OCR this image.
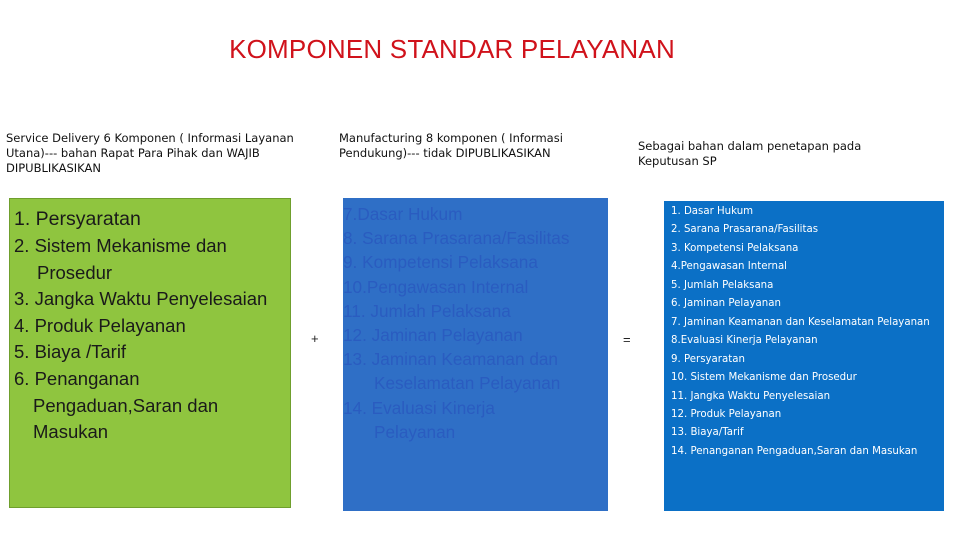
KOMPONEN STANDAR PELAYANAN
Service Delivery 6 Komponen ( Informasi Layanan Utana)--- bahan Rapat Para Pihak dan WAJIB DIPUBLIKASIKAN
Manufacturing 8 komponen ( Informasi Pendukung)--- tidak DIPUBLIKASIKAN	Sebagai bahan dalam penetapan pada Keputusan SP
1. Persyaratan
2. Sistem Mekanisme dan
Prosedur
3. Jangka Waktu Penyelesaian
4. Produk Pelayanan
5. Biaya /Tarif
6. Penanganan
Pengaduan,Saran dan
Masukan
+
7.Dasar Hukum
8. Sarana Prasarana/Fasilitas
9. Kompetensi Pelaksana
10.Pengawasan Internal
11. Jumlah Pelaksana
12. Jaminan Pelayanan
13. Jaminan Keamanan dan
Keselamatan Pelayanan
14. Evaluasi Kinerja
Pelayanan
=
1. Dasar Hukum
2. Sarana Prasarana/Fasilitas
3. Kompetensi Pelaksana
4.Pengawasan Internal
5. Jumlah Pelaksana
6. Jaminan Pelayanan
7. Jaminan Keamanan dan Keselamatan Pelayanan
8.Evaluasi Kinerja Pelayanan
9. Persyaratan
10. Sistem Mekanisme dan Prosedur
11. Jangka Waktu Penyelesaian
12. Produk Pelayanan
13. Biaya/Tarif
14. Penanganan Pengaduan,Saran dan Masukan
